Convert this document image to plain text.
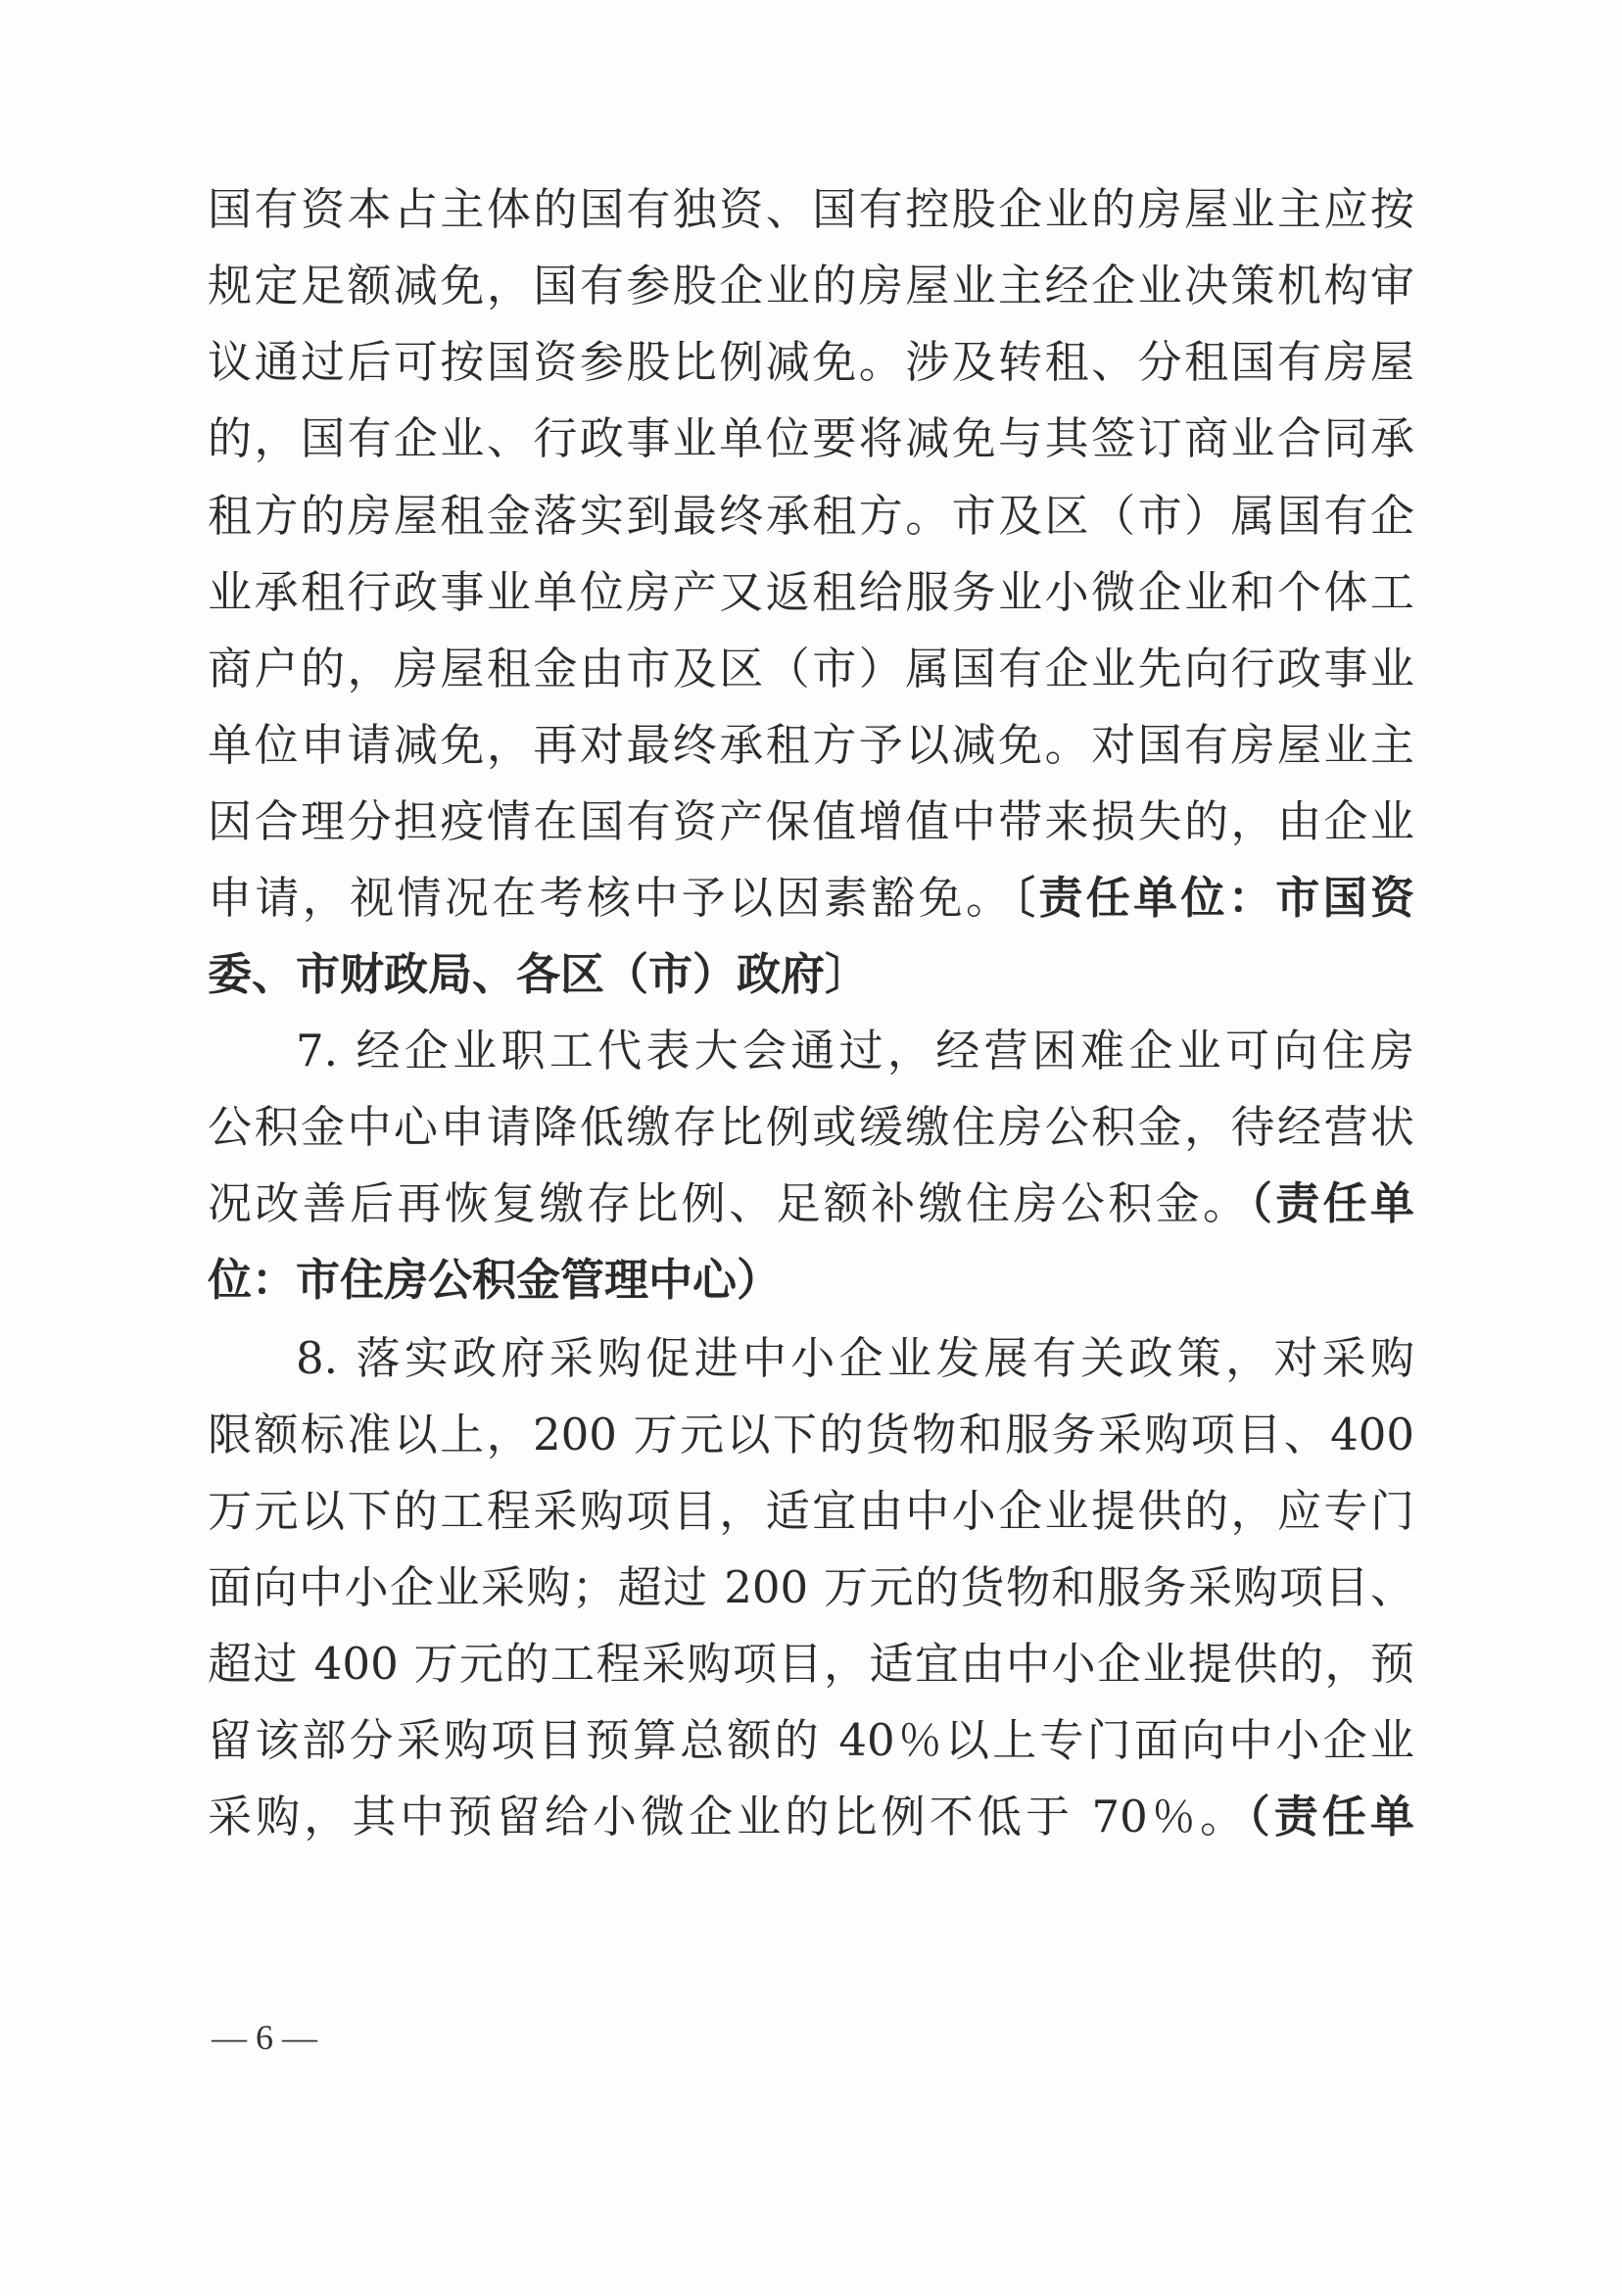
国有资本占主体的国有独资、国有控股企业的房屋业主应按
规定足额减免，国有参股企业的房屋业主经企业决策机构审
议通过后可按国资参股比例减免。涉及转租、分租国有房屋
的，国有企业、行政事业单位要将减免与其签订商业合同承
租方的房屋租金落实到最终承租方。市及区（市）属国有企
业承租行政事业单位房产又返租给服务业小微企业和个体工
商户的，房屋租金由市及区（市）属国有企业先向行政事业
单位申请减免，再对最终承租方予以减免。对国有房屋业主
因合理分担疫情在国有资产保值增值中带来损失的，由企业
申请，视情况在考核中予以因素豁免。〔责任单位：市国资
委、市财政局、各区（市）政府〕
7. 经企业职工代表大会通过，经营困难企业可向住房
公积金中心申请降低缴存比例或缓缴住房公积金，待经营状
况改善后再恢复缴存比例、足额补缴住房公积金。（责任单
位：市住房公积金管理中心）
8. 落实政府采购促进中小企业发展有关政策，对采购
限额标准以上，200 万元以下的货物和服务采购项目、400
万元以下的工程采购项目，适宜由中小企业提供的，应专门
面向中小企业采购；超过 200 万元的货物和服务采购项目、
超过 400 万元的工程采购项目，适宜由中小企业提供的，预
留该部分采购项目预算总额的 40％以上专门面向中小企业
采购，其中预留给小微企业的比例不低于 70％。（责任单
— 6 —
